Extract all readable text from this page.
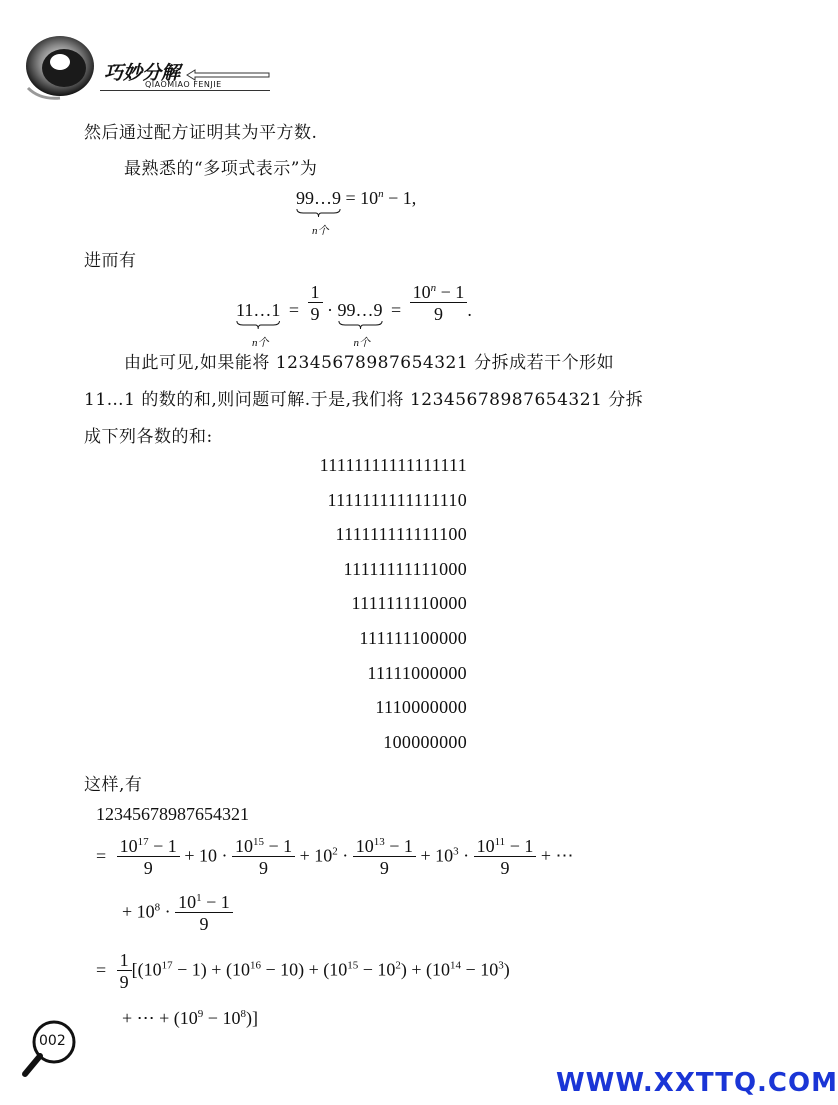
巧妙分解
QIAOMIAO FENJIE
然后通过配方证明其为平方数.
最熟悉的“多项式表示”为
99…9
n个
= $10^n - 1$,
进而有
11…1
n个
= $\frac{1}{9}$ · 99…9
n个
= $\frac{10^n - 1}{9}$ .
由此可见,如果能将 12345678987654321 分拆成若干个形如
11…1 的数的和,则问题可解.于是,我们将 12345678987654321 分拆
成下列各数的和:
11111111111111111
1111111111111110
111111111111100
11111111111000
1111111110000
111111100000
11111000000
1110000000
100000000
这样,有
12345678987654321
= $\frac{10^{17} - 1}{9} + 10 \cdot \frac{10^{15} - 1}{9} + 10^2 \cdot \frac{10^{13} - 1}{9} + 10^3 \cdot \frac{10^{11} - 1}{9}$ + ⋯
+ $10^8 \cdot \frac{10^1 - 1}{9}$
= $\frac{1}{9} [(10^{17} - 1) + (10^{16} - 10) + (10^{15} - 10^2) + (10^{14} - 10^3)$
+ ⋯ + $(10^9 - 10^8)$]
002
WWW.XXTTQ.COM
